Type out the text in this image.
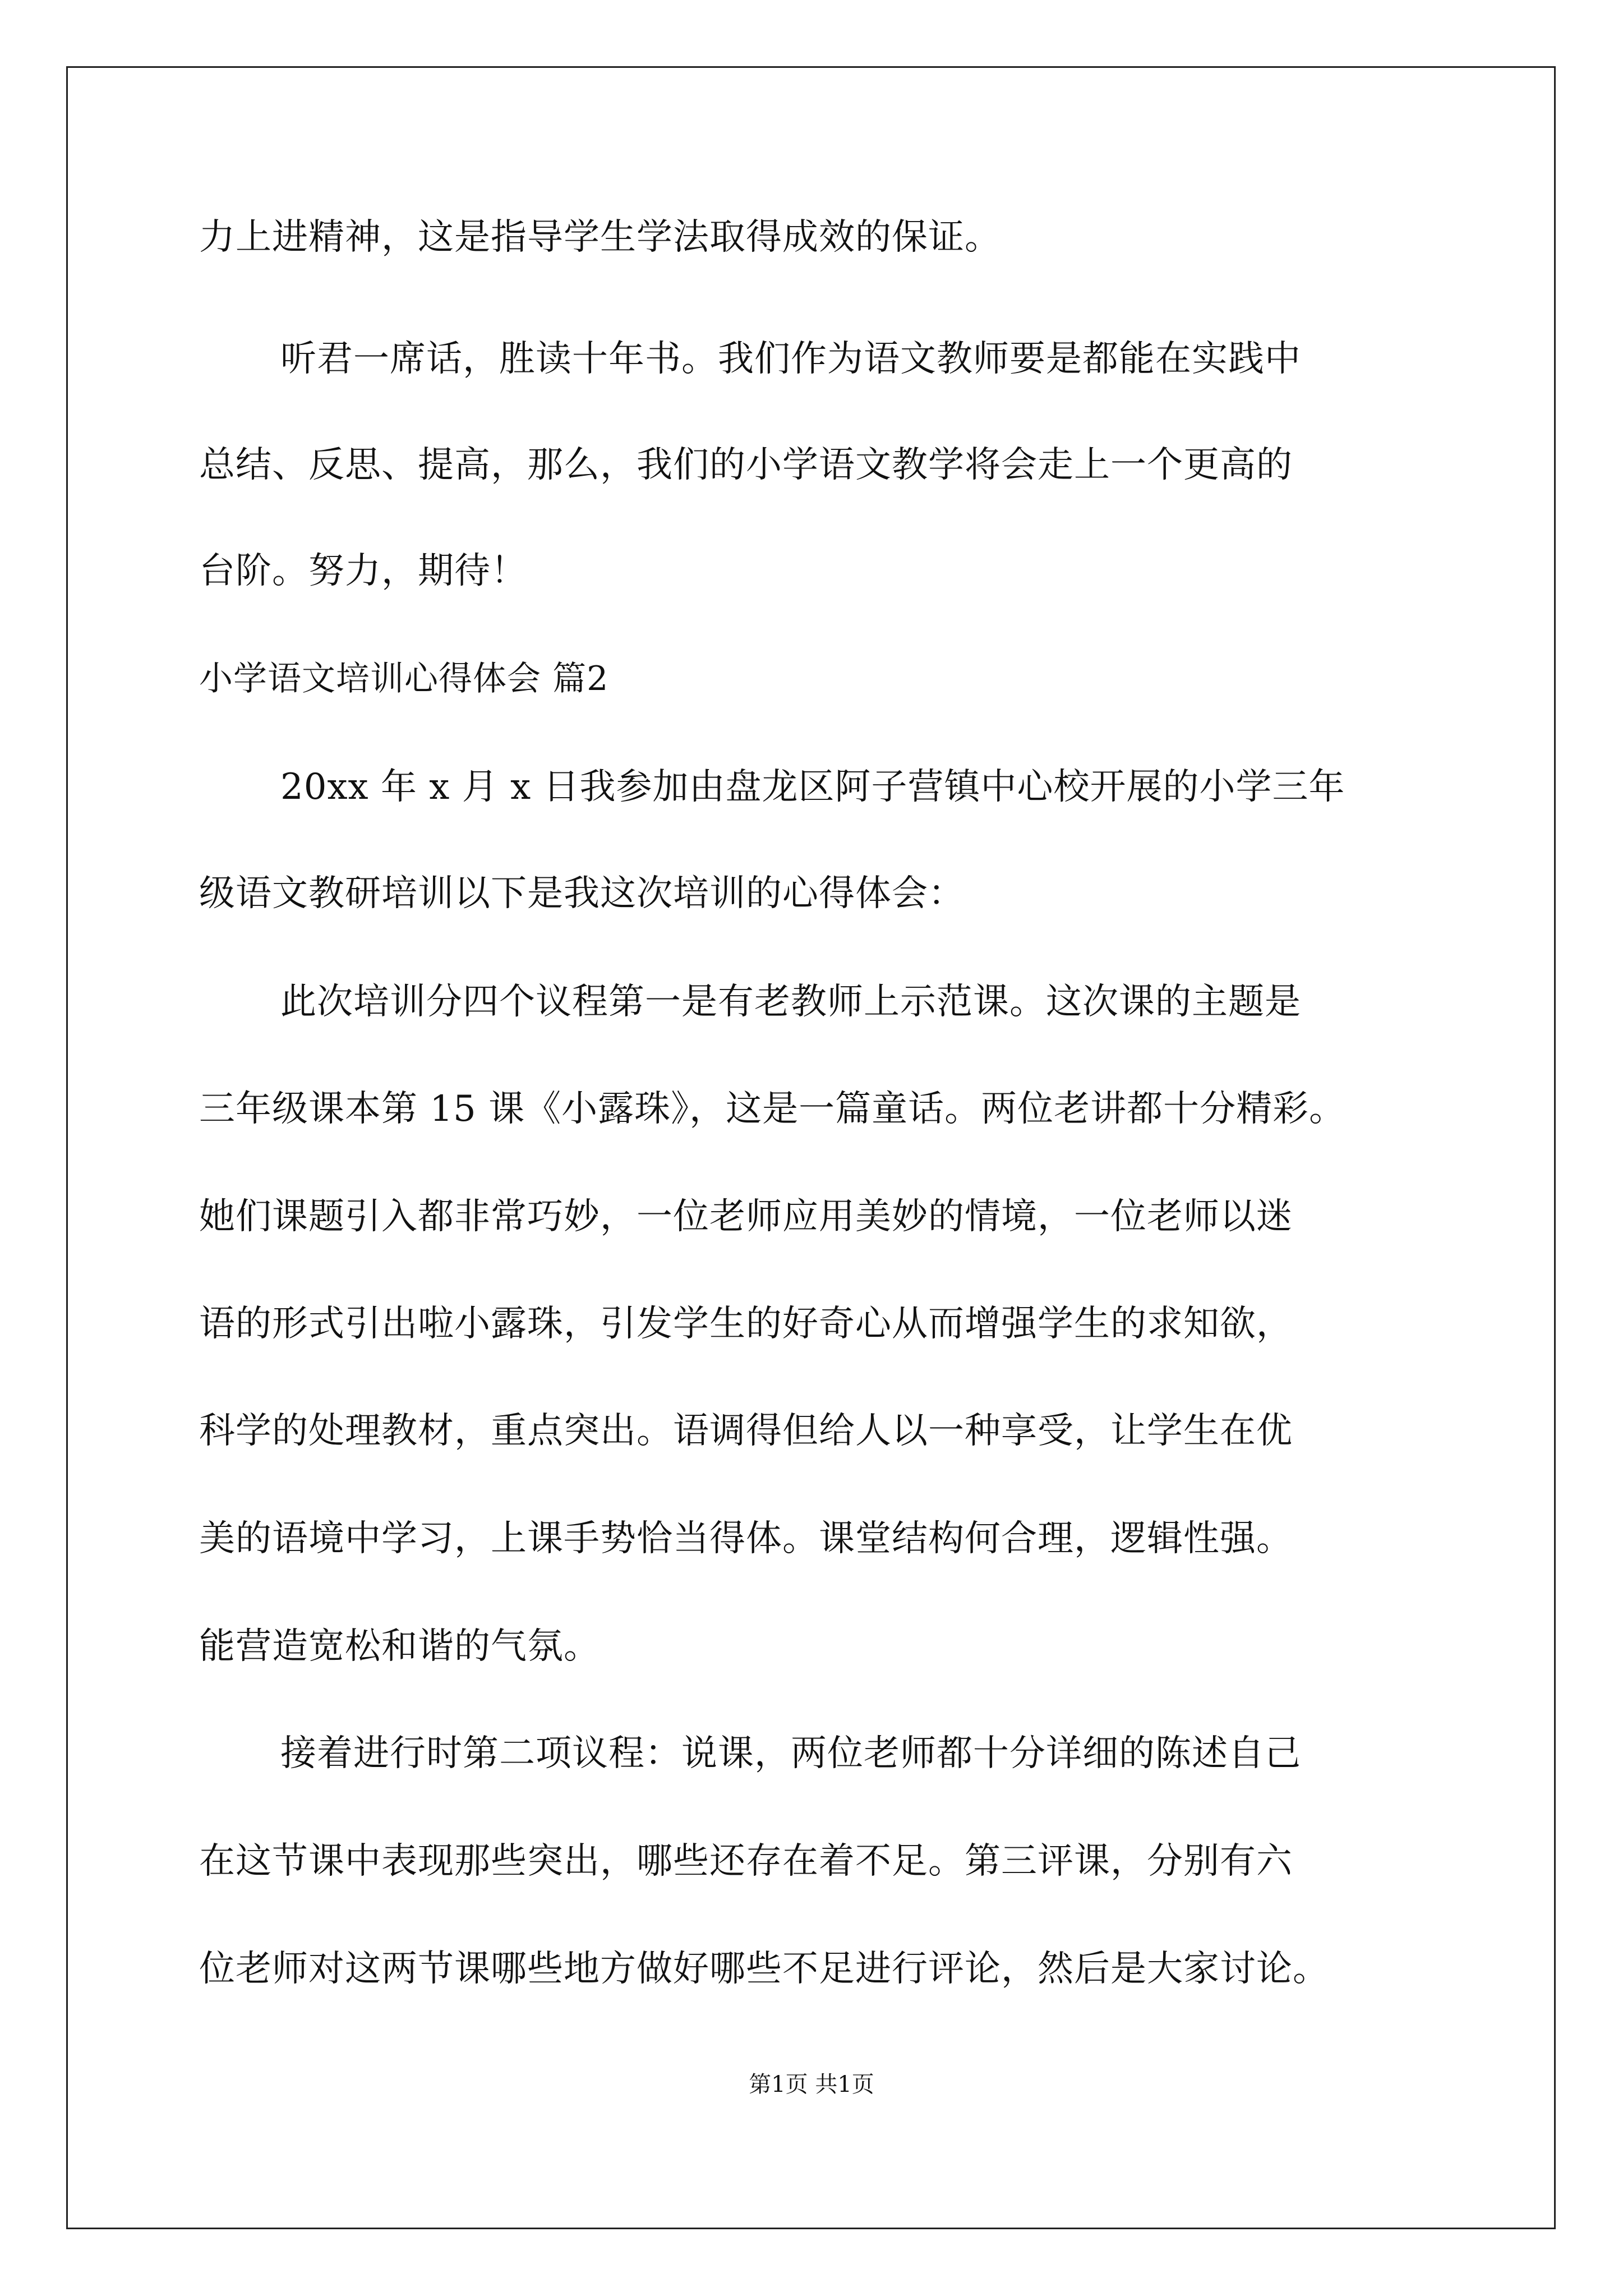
力上进精神，这是指导学生学法取得成效的保证。
听君一席话，胜读十年书。我们作为语文教师要是都能在实践中
总结、反思、提高，那么，我们的小学语文教学将会走上一个更高的
台阶。努力，期待！
小学语文培训心得体会 篇2
20xx 年 x 月 x 日我参加由盘龙区阿子营镇中心校开展的小学三年
级语文教研培训以下是我这次培训的心得体会：
此次培训分四个议程第一是有老教师上示范课。这次课的主题是
三年级课本第 15 课《小露珠》，这是一篇童话。两位老讲都十分精彩。
她们课题引入都非常巧妙，一位老师应用美妙的情境，一位老师以迷
语的形式引出啦小露珠，引发学生的好奇心从而增强学生的求知欲，
科学的处理教材，重点突出。语调得但给人以一种享受，让学生在优
美的语境中学习，上课手势恰当得体。课堂结构何合理，逻辑性强。
能营造宽松和谐的气氛。
接着进行时第二项议程：说课，两位老师都十分详细的陈述自己
在这节课中表现那些突出，哪些还存在着不足。第三评课，分别有六
位老师对这两节课哪些地方做好哪些不足进行评论，然后是大家讨论。
第1页 共1页
